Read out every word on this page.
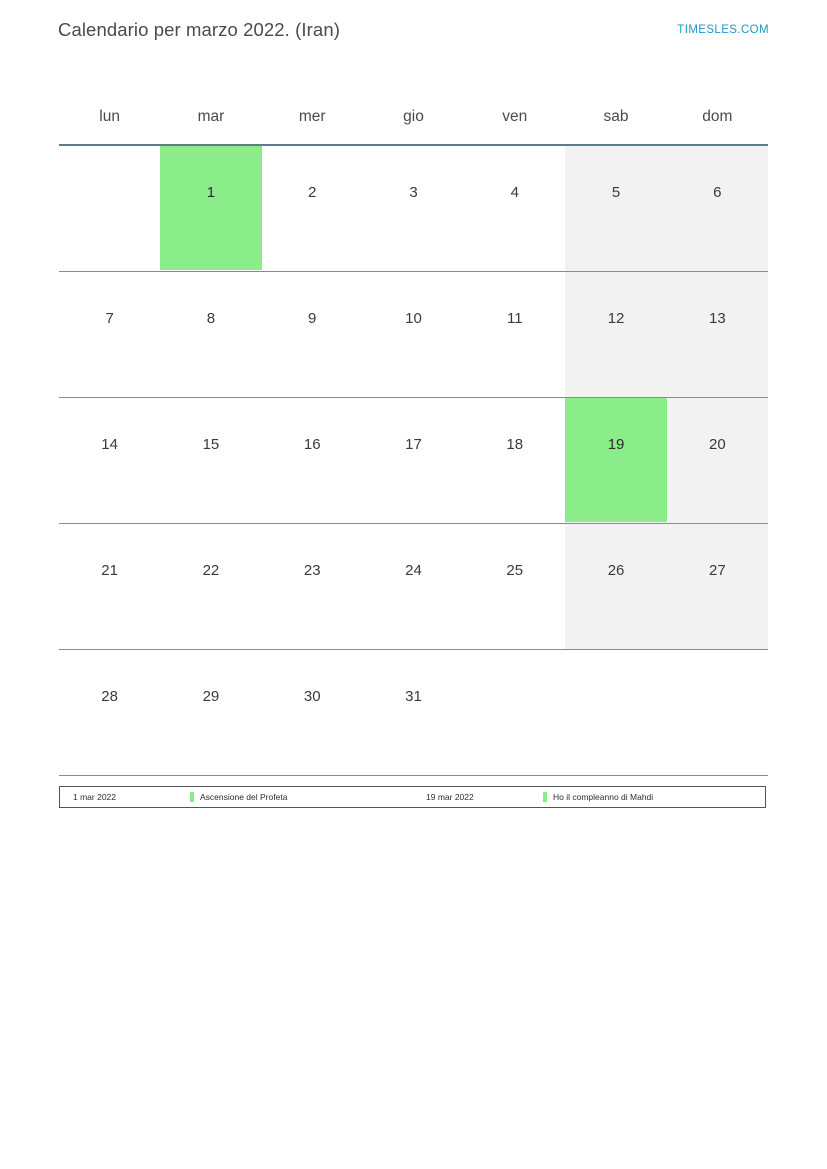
Calendario per marzo 2022. (Iran)	TIMESLES.COM
lun	mar	mer	gio	ven	sab	dom

	1	2	3	4	5	6

7	8	9	10	11	12	13

14	15	16	17	18	19	20

21	22	23	24	25	26	27

28	29	30	31			

1 mar 2022	Ascensione del Profeta	19 mar 2022	Ho il compleanno di Mahdi
